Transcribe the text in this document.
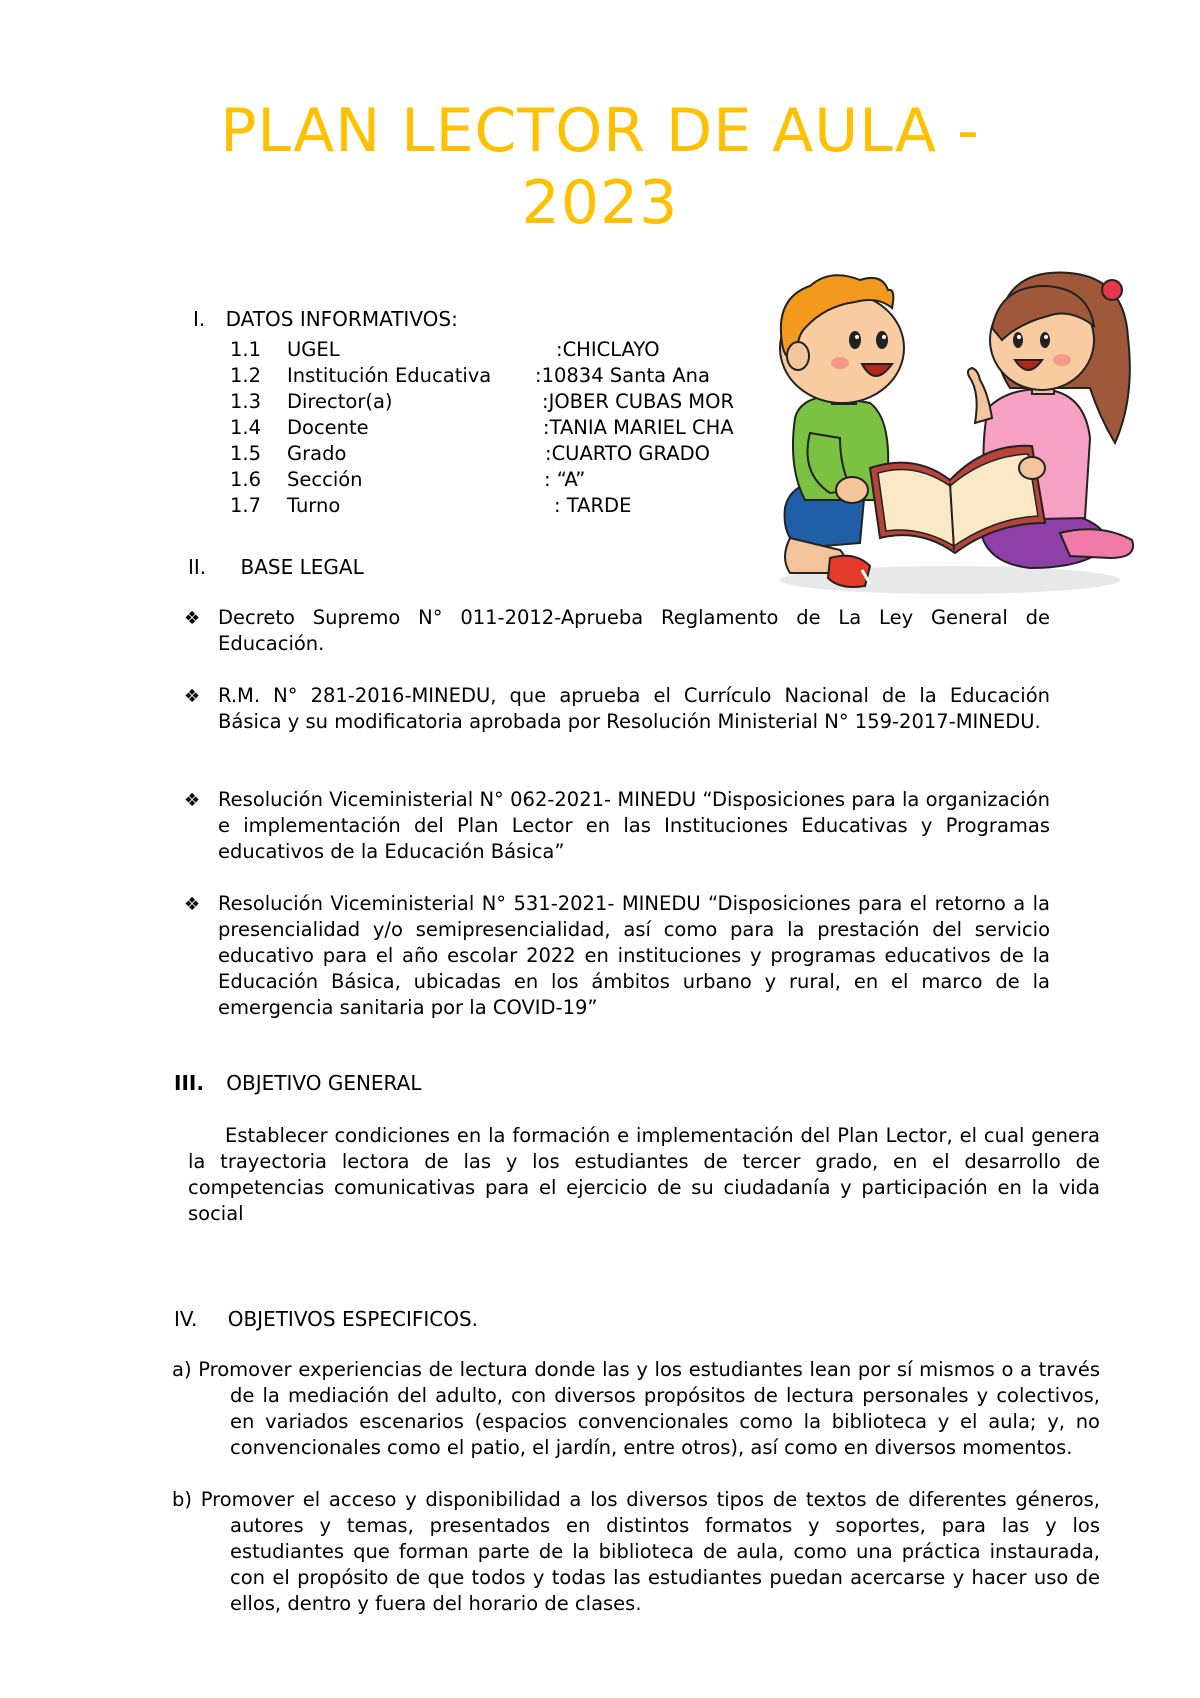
PLAN LECTOR DE AULA -
2023
I. DATOS INFORMATIVOS:
1.1 UGEL	:CHICLAYO
1.2 Institución Educativa :10834 Santa Ana
1.3 Director(a)	:JOBER CUBAS MOR
1.4 Docente	:TANIA MARIEL CHA
1.5 Grado	:CUARTO GRADO
1.6 Sección	: “A”
1.7 Turno	: TARDE
II. BASE LEGAL
❖ Decreto Supremo N° 011-2012-Aprueba Reglamento de La Ley General de Educación.
❖ R.M. N° 281-2016-MINEDU, que aprueba el Currículo Nacional de la Educación Básica y su modificatoria aprobada por Resolución Ministerial N° 159-2017-MINEDU.
❖ Resolución Viceministerial N° 062-2021- MINEDU “Disposiciones para la organización e implementación del Plan Lector en las Instituciones Educativas y Programas educativos de la Educación Básica”
❖ Resolución Viceministerial N° 531-2021- MINEDU “Disposiciones para el retorno a la presencialidad y/o semipresencialidad, así como para la prestación del servicio educativo para el año escolar 2022 en instituciones y programas educativos de la Educación Básica, ubicadas en los ámbitos urbano y rural, en el marco de la emergencia sanitaria por la COVID-19”
III. OBJETIVO GENERAL
Establecer condiciones en la formación e implementación del Plan Lector, el cual genera la trayectoria lectora de las y los estudiantes de tercer grado, en el desarrollo de competencias comunicativas para el ejercicio de su ciudadanía y participación en la vida social
IV. OBJETIVOS ESPECIFICOS.
a) Promover experiencias de lectura donde las y los estudiantes lean por sí mismos o a través de la mediación del adulto, con diversos propósitos de lectura personales y colectivos, en variados escenarios (espacios convencionales como la biblioteca y el aula; y, no convencionales como el patio, el jardín, entre otros), así como en diversos momentos.
b) Promover el acceso y disponibilidad a los diversos tipos de textos de diferentes géneros, autores y temas, presentados en distintos formatos y soportes, para las y los estudiantes que forman parte de la biblioteca de aula, como una práctica instaurada, con el propósito de que todos y todas las estudiantes puedan acercarse y hacer uso de ellos, dentro y fuera del horario de clases.
